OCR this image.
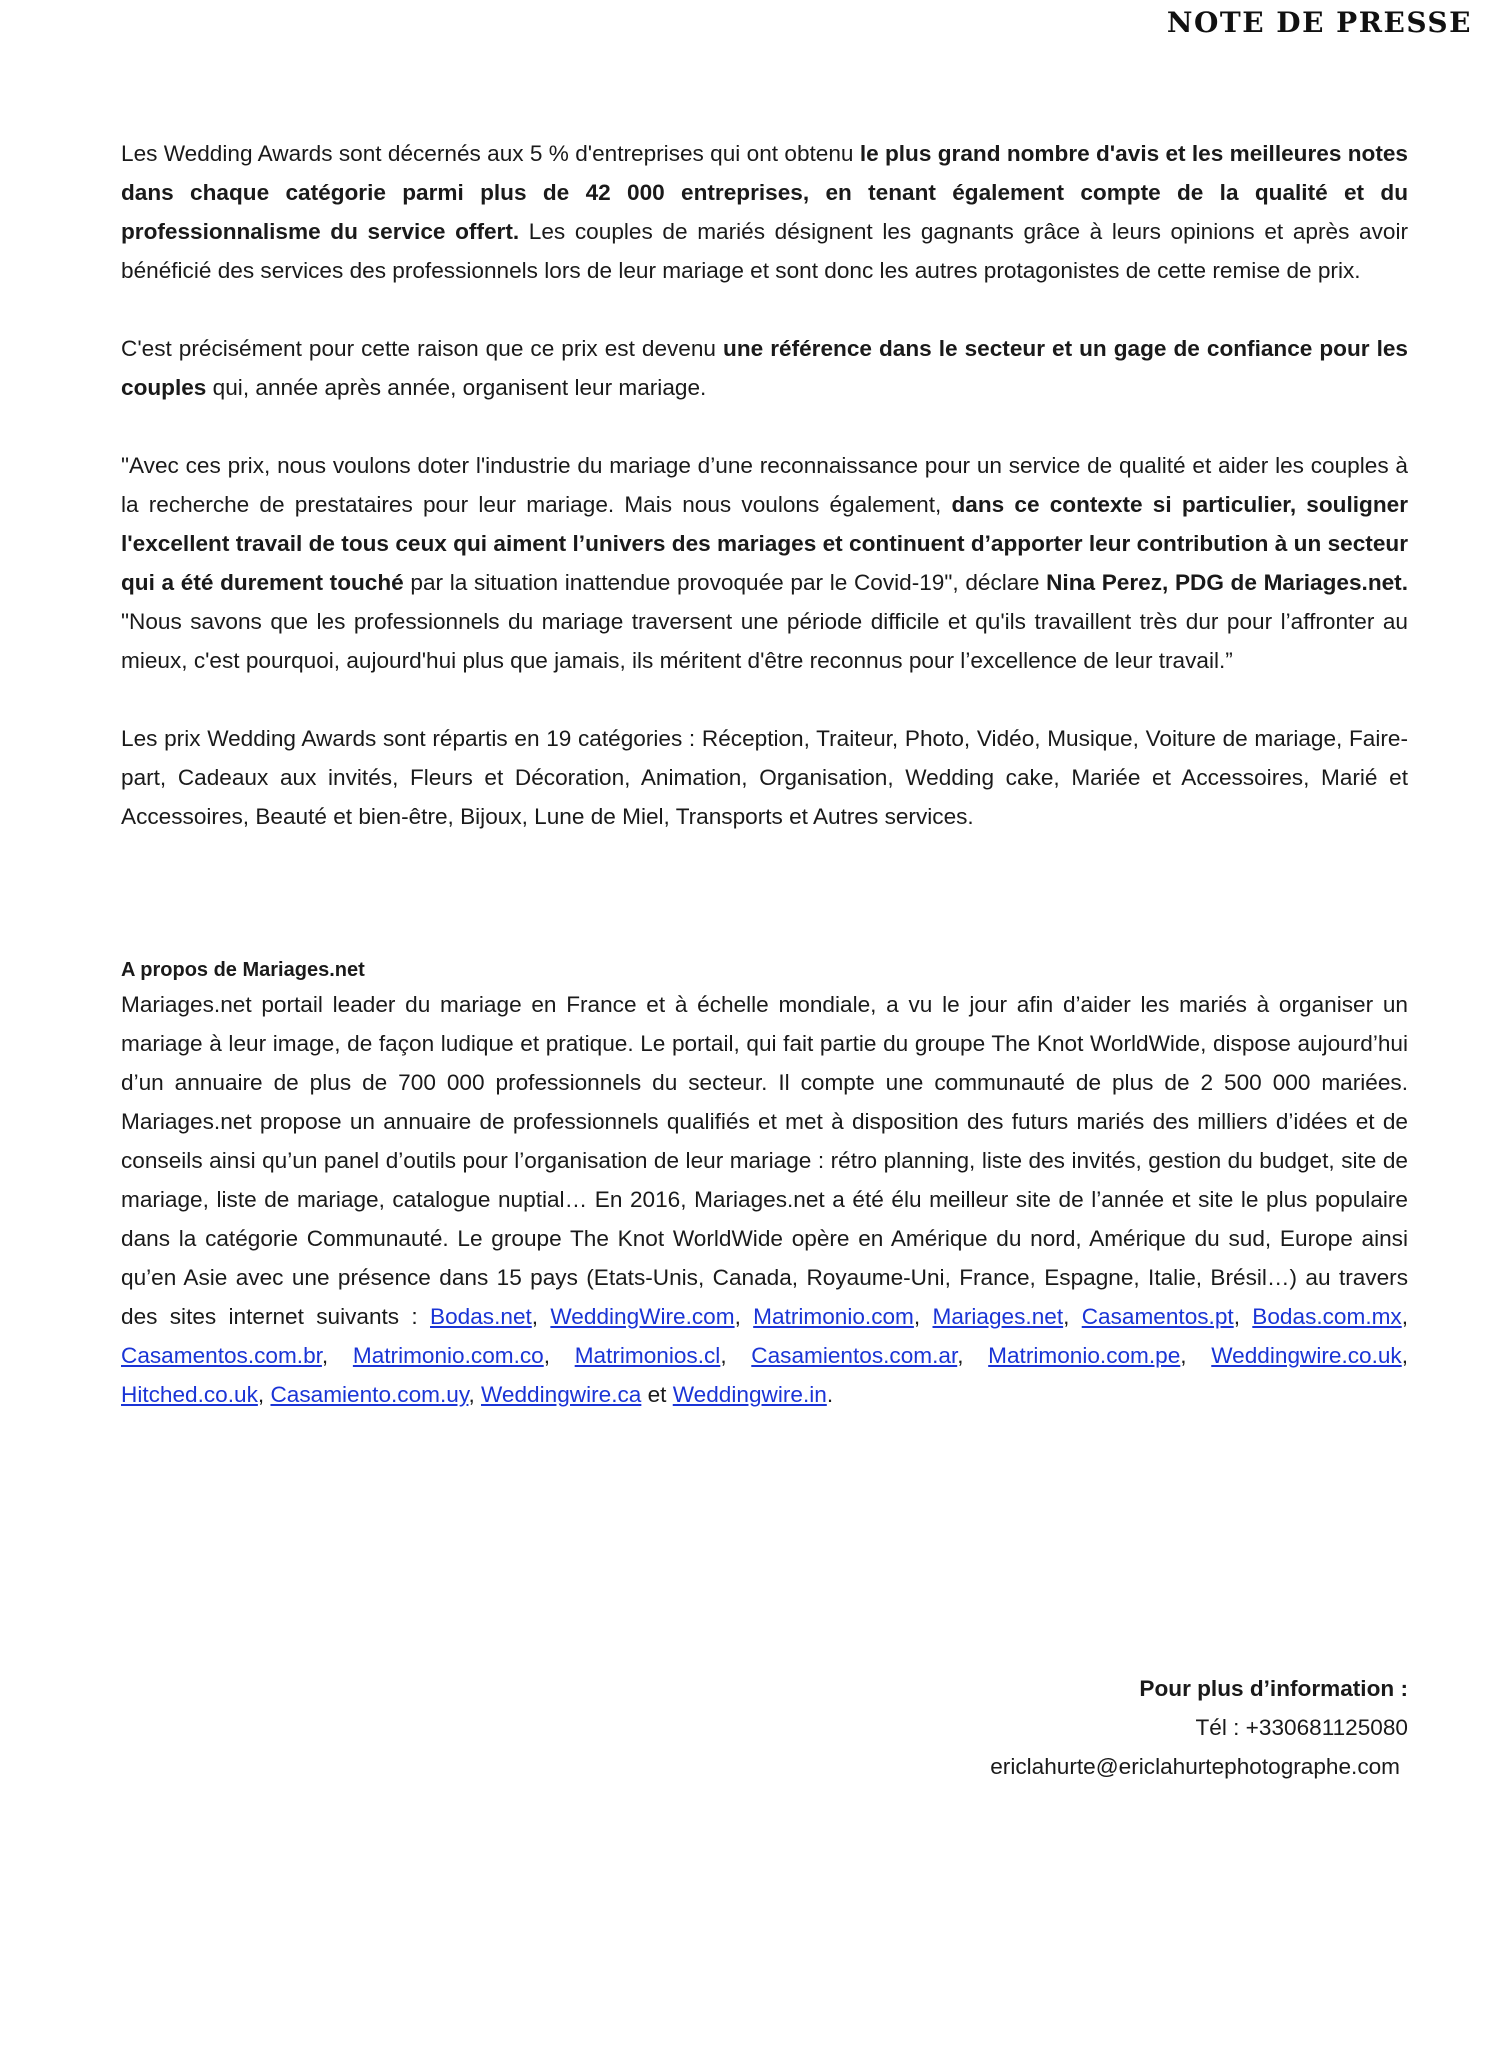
NOTE DE PRESSE

Les Wedding Awards sont décernés aux 5 % d'entreprises qui ont obtenu le plus grand nombre d'avis et les meilleures notes dans chaque catégorie parmi plus de 42 000 entreprises, en tenant également compte de la qualité et du professionnalisme du service offert. Les couples de mariés désignent les gagnants grâce à leurs opinions et après avoir bénéficié des services des professionnels lors de leur mariage et sont donc les autres protagonistes de cette remise de prix.

C'est précisément pour cette raison que ce prix est devenu une référence dans le secteur et un gage de confiance pour les couples qui, année après année, organisent leur mariage.

"Avec ces prix, nous voulons doter l'industrie du mariage d’une reconnaissance pour un service de qualité et aider les couples à la recherche de prestataires pour leur mariage. Mais nous voulons également, dans ce contexte si particulier, souligner l'excellent travail de tous ceux qui aiment l’univers des mariages et continuent d’apporter leur contribution à un secteur qui a été durement touché par la situation inattendue provoquée par le Covid-19", déclare Nina Perez, PDG de Mariages.net. "Nous savons que les professionnels du mariage traversent une période difficile et qu'ils travaillent très dur pour l’affronter au mieux, c'est pourquoi, aujourd'hui plus que jamais, ils méritent d'être reconnus pour l’excellence de leur travail.”

Les prix Wedding Awards sont répartis en 19 catégories : Réception, Traiteur, Photo, Vidéo, Musique, Voiture de mariage, Faire-part, Cadeaux aux invités, Fleurs et Décoration, Animation, Organisation, Wedding cake, Mariée et Accessoires, Marié et Accessoires, Beauté et bien-être, Bijoux, Lune de Miel, Transports et Autres services.

A propos de Mariages.net

Mariages.net portail leader du mariage en France et à échelle mondiale, a vu le jour afin d’aider les mariés à organiser un mariage à leur image, de façon ludique et pratique. Le portail, qui fait partie du groupe The Knot WorldWide, dispose aujourd’hui d’un annuaire de plus de 700 000 professionnels du secteur. Il compte une communauté de plus de 2 500 000 mariées. Mariages.net propose un annuaire de professionnels qualifiés et met à disposition des futurs mariés des milliers d’idées et de conseils ainsi qu’un panel d’outils pour l’organisation de leur mariage : rétro planning, liste des invités, gestion du budget, site de mariage, liste de mariage, catalogue nuptial… En 2016, Mariages.net a été élu meilleur site de l’année et site le plus populaire dans la catégorie Communauté. Le groupe The Knot WorldWide opère en Amérique du nord, Amérique du sud, Europe ainsi qu’en Asie avec une présence dans 15 pays (Etats-Unis, Canada, Royaume-Uni, France, Espagne, Italie, Brésil…) au travers des sites internet suivants : Bodas.net, WeddingWire.com, Matrimonio.com, Mariages.net, Casamentos.pt, Bodas.com.mx, Casamentos.com.br, Matrimonio.com.co, Matrimonios.cl, Casamientos.com.ar, Matrimonio.com.pe, Weddingwire.co.uk, Hitched.co.uk, Casamiento.com.uy, Weddingwire.ca et Weddingwire.in.

Pour plus d’information :

Tél : +330681125080

ericlahurte@ericlahurtephotographe.com
